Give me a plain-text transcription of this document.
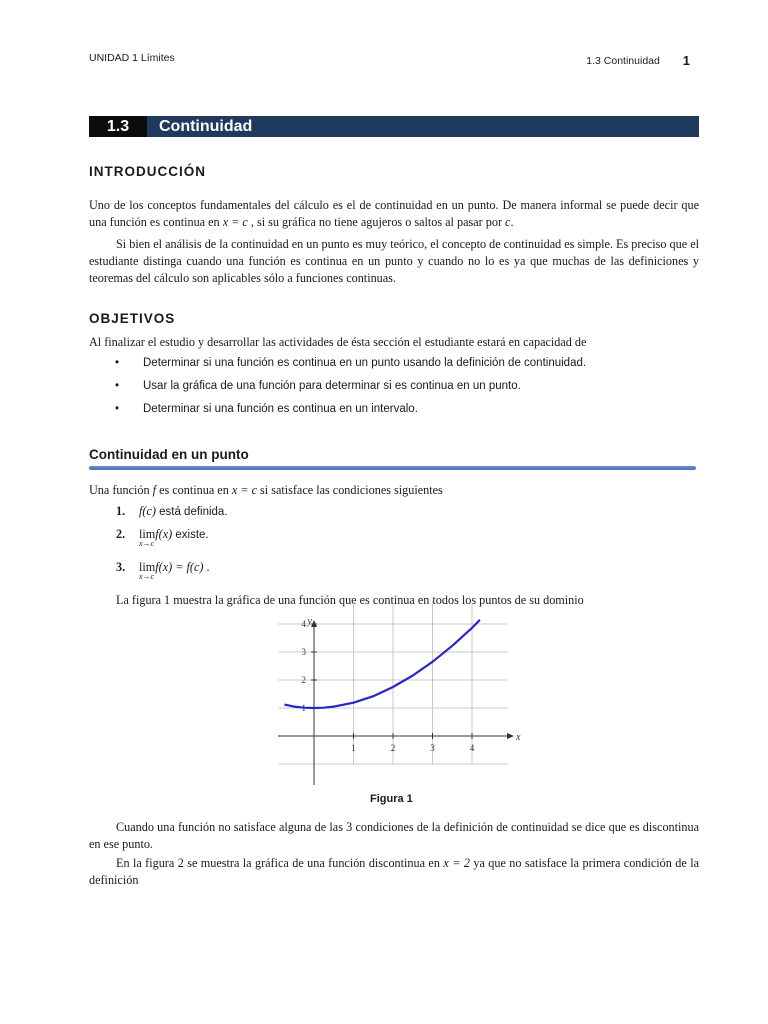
UNIDAD 1 Límites	1.3 Continuidad 1
1.3 Continuidad
INTRODUCCIÓN
Uno de los conceptos fundamentales del cálculo es el de continuidad en un punto. De manera informal se puede decir que una función es continua en x = c , si su gráfica no tiene agujeros o saltos al pasar por c.
Si bien el análisis de la continuidad en un punto es muy teórico, el concepto de continuidad es simple. Es preciso que el estudiante distinga cuando una función es continua en un punto y cuando no lo es ya que muchas de las definiciones y teoremas del cálculo son aplicables sólo a funciones continuas.
OBJETIVOS
Al finalizar el estudio y desarrollar las actividades de ésta sección el estudiante estará en capacidad de
• Determinar si una función es continua en un punto usando la definición de continuidad.
• Usar la gráfica de una función para determinar si es continua en un punto.
• Determinar si una función es continua en un intervalo.
Continuidad en un punto
Una función f es continua en x = c si satisface las condiciones siguientes
1. f(c) está definida.
2. lim
x→c
f(x) existe.
3. lim
x→c
f(x) = f(c) .
La figura 1 muestra la gráfica de una función que es continua en todos los puntos de su dominio
1	2	3	4
1
2
3
4
x
y
Figura 1
Cuando una función no satisface alguna de las 3 condiciones de la definición de continuidad se dice que es discontinua en ese punto.
En la figura 2 se muestra la gráfica de una función discontinua en x = 2 ya que no satisface la primera condición de la definición
